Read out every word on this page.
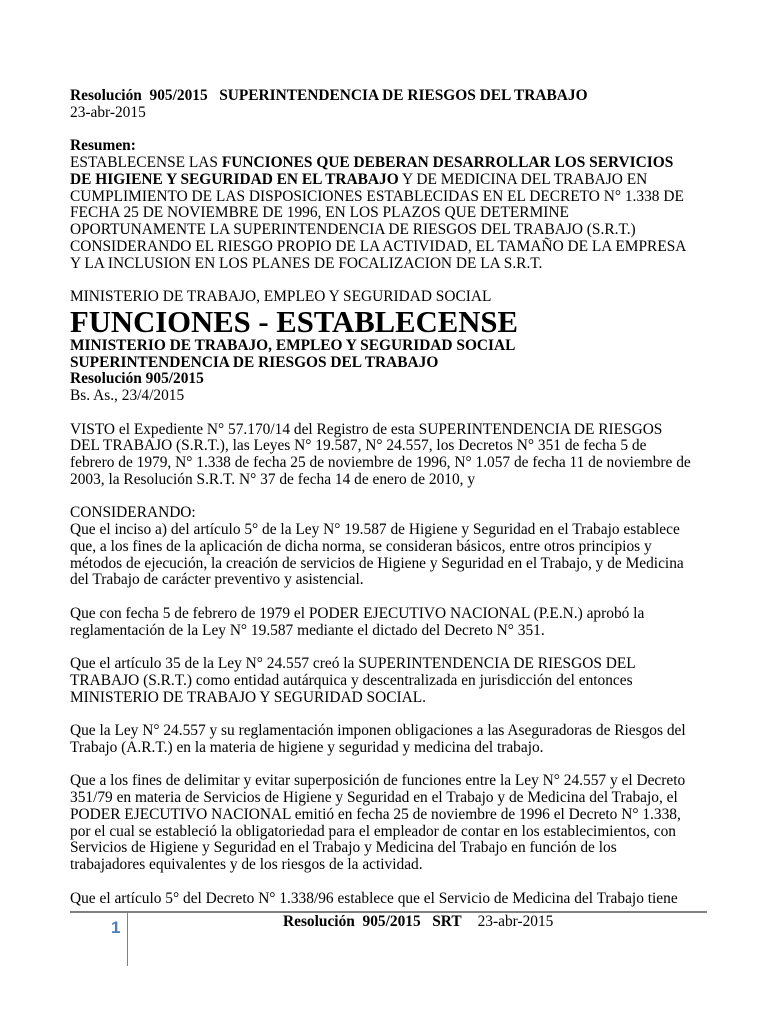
Resolución  905/2015   SUPERINTENDENCIA DE RIESGOS DEL TRABAJO
23-abr-2015
Resumen:
ESTABLECENSE LAS FUNCIONES QUE DEBERAN DESARROLLAR LOS SERVICIOS
DE HIGIENE Y SEGURIDAD EN EL TRABAJO Y DE MEDICINA DEL TRABAJO EN
CUMPLIMIENTO DE LAS DISPOSICIONES ESTABLECIDAS EN EL DECRETO N° 1.338 DE
FECHA 25 DE NOVIEMBRE DE 1996, EN LOS PLAZOS QUE DETERMINE
OPORTUNAMENTE LA SUPERINTENDENCIA DE RIESGOS DEL TRABAJO (S.R.T.)
CONSIDERANDO EL RIESGO PROPIO DE LA ACTIVIDAD, EL TAMAÑO DE LA EMPRESA
Y LA INCLUSION EN LOS PLANES DE FOCALIZACION DE LA S.R.T.
MINISTERIO DE TRABAJO, EMPLEO Y SEGURIDAD SOCIAL
FUNCIONES - ESTABLECENSE
MINISTERIO DE TRABAJO, EMPLEO Y SEGURIDAD SOCIAL
SUPERINTENDENCIA DE RIESGOS DEL TRABAJO
Resolución 905/2015
Bs. As., 23/4/2015
VISTO el Expediente N° 57.170/14 del Registro de esta SUPERINTENDENCIA DE RIESGOS
DEL TRABAJO (S.R.T.), las Leyes N° 19.587, N° 24.557, los Decretos N° 351 de fecha 5 de
febrero de 1979, N° 1.338 de fecha 25 de noviembre de 1996, N° 1.057 de fecha 11 de noviembre de
2003, la Resolución S.R.T. N° 37 de fecha 14 de enero de 2010, y
CONSIDERANDO:
Que el inciso a) del artículo 5° de la Ley N° 19.587 de Higiene y Seguridad en el Trabajo establece
que, a los fines de la aplicación de dicha norma, se consideran básicos, entre otros principios y
métodos de ejecución, la creación de servicios de Higiene y Seguridad en el Trabajo, y de Medicina
del Trabajo de carácter preventivo y asistencial.
Que con fecha 5 de febrero de 1979 el PODER EJECUTIVO NACIONAL (P.E.N.) aprobó la
reglamentación de la Ley N° 19.587 mediante el dictado del Decreto N° 351.
Que el artículo 35 de la Ley N° 24.557 creó la SUPERINTENDENCIA DE RIESGOS DEL
TRABAJO (S.R.T.) como entidad autárquica y descentralizada en jurisdicción del entonces
MINISTERIO DE TRABAJO Y SEGURIDAD SOCIAL.
Que la Ley N° 24.557 y su reglamentación imponen obligaciones a las Aseguradoras de Riesgos del
Trabajo (A.R.T.) en la materia de higiene y seguridad y medicina del trabajo.
Que a los fines de delimitar y evitar superposición de funciones entre la Ley N° 24.557 y el Decreto
351/79 en materia de Servicios de Higiene y Seguridad en el Trabajo y de Medicina del Trabajo, el
PODER EJECUTIVO NACIONAL emitió en fecha 25 de noviembre de 1996 el Decreto N° 1.338,
por el cual se estableció la obligatoriedad para el empleador de contar en los establecimientos, con
Servicios de Higiene y Seguridad en el Trabajo y Medicina del Trabajo en función de los
trabajadores equivalentes y de los riesgos de la actividad.
Que el artículo 5° del Decreto N° 1.338/96 establece que el Servicio de Medicina del Trabajo tiene
1	Resolución  905/2015   SRT 23-abr-2015
